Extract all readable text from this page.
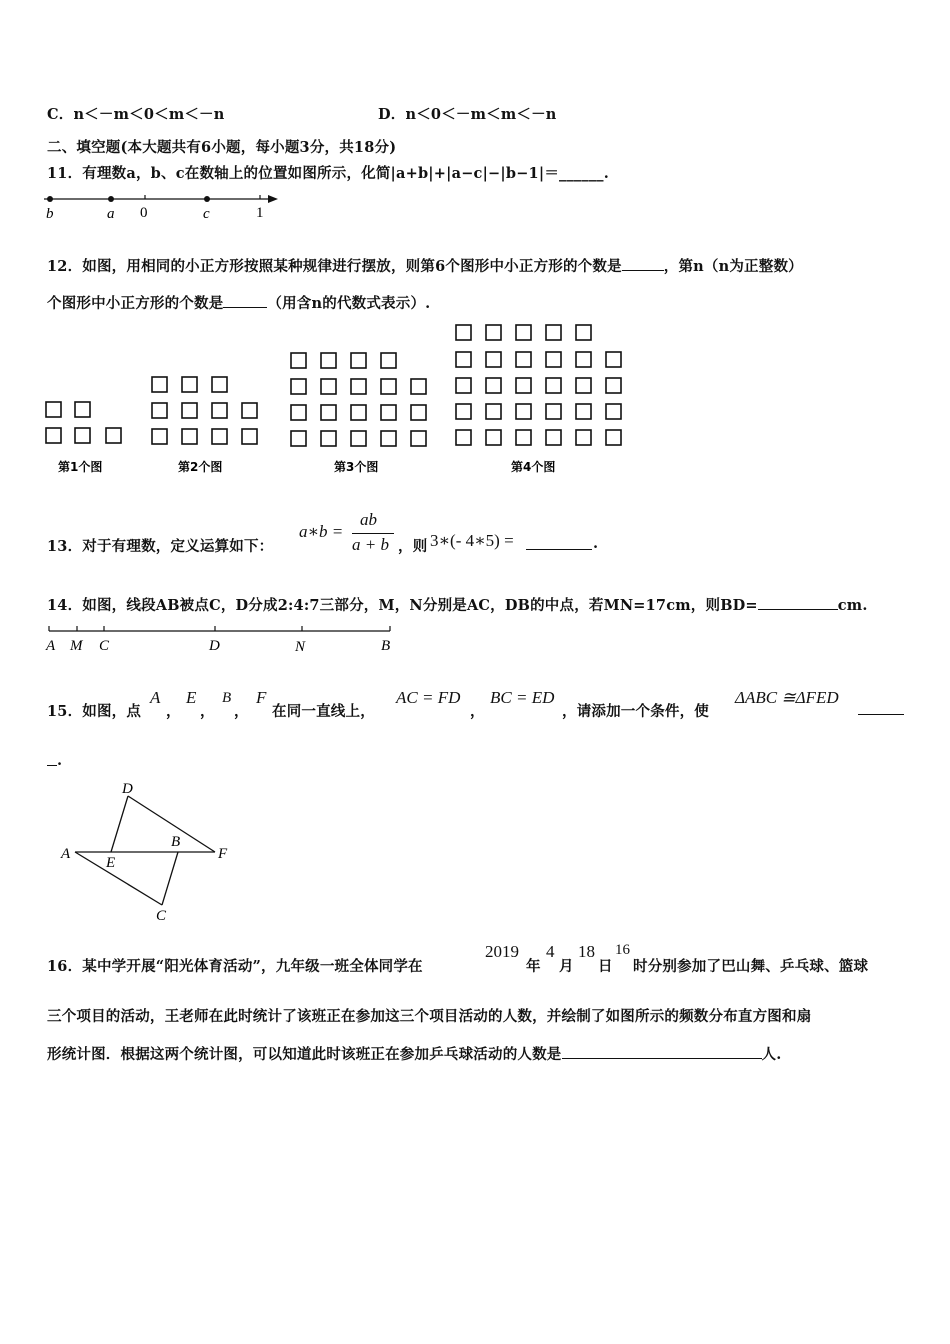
C．n＜－m＜0＜m＜－n	D．n＜0＜－m＜m＜－n
二、填空题(本大题共有6小题，每小题3分，共18分)
11．有理数a，b、c在数轴上的位置如图所示，化简|a+b|+|a−c|−|b−1|＝______.
b	a 0	c	1
12．如图，用相同的小正方形按照某种规律进行摆放，则第6个图形中小正方形的个数是	，第n（n为正整数）
个图形中小正方形的个数是	（用含n的代数式表示）.
第1个图	第2个图	第3个图	第4个图
13．对于有理数，定义运算如下：
a∗b =
ab
a + b ，则 3∗(- 4∗5) =	.
14．如图，线段AB被点C，D分成2:4:7三部分，M，N分别是AC，DB的中点，若MN=17cm，则BD=	cm.
A M C	D	N	B
15．如图，点
A
，
E
，
B
，
F
在同一直线上，
AC = FD
，
BC = ED
，请添加一个条件，使
ΔABC ≅ΔFED
.
D
A
E
B
F
C
16．某中学开展“阳光体育活动”，九年级一班全体同学在
2019
年
4
月
18
日
16
时分别参加了巴山舞、乒乓球、篮球
三个项目的活动，王老师在此时统计了该班正在参加这三个项目活动的人数，并绘制了如图所示的频数分布直方图和扇
形统计图．根据这两个统计图，可以知道此时该班正在参加乒乓球活动的人数是	人.
